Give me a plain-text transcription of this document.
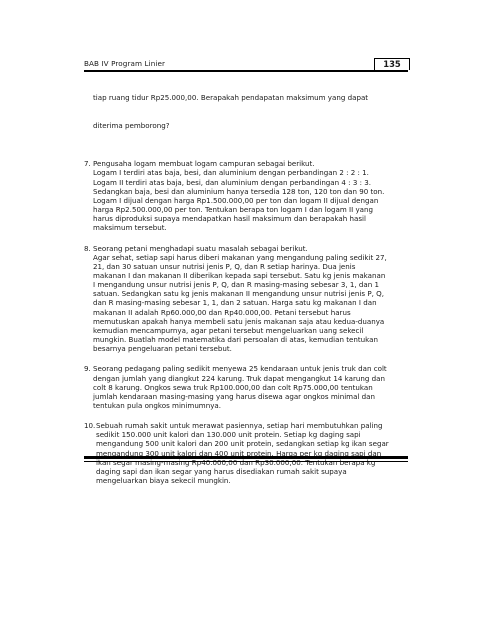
BAB IV Program Linier	135

tiap ruang tidur Rp25.000,00. Berapakah pendapatan maksimum yang dapat

diterima pemborong?

7. Pengusaha logam membuat logam campuran sebagai berikut.
Logam I terdiri atas baja, besi, dan aluminium dengan perbandingan 2 : 2 : 1.
Logam II terdiri atas baja, besi, dan aluminium dengan perbandingan 4 : 3 : 3.
Sedangkan baja, besi dan aluminium hanya tersedia 128 ton, 120 ton dan 90 ton.
Logam I dijual dengan harga Rp1.500.000,00 per ton dan logam II dijual dengan
harga Rp2.500.000,00 per ton. Tentukan berapa ton logam I dan logam II yang
harus diproduksi supaya mendapatkan hasil maksimum dan berapakah hasil
maksimum tersebut.
8. Seorang petani menghadapi suatu masalah sebagai berikut.
Agar sehat, setiap sapi harus diberi makanan yang mengandung paling sedikit 27,
21, dan 30 satuan unsur nutrisi jenis P, Q, dan R setiap harinya. Dua jenis
makanan I dan makanan II diberikan kepada sapi tersebut. Satu kg jenis makanan
I mengandung unsur nutrisi jenis P, Q, dan R masing-masing sebesar 3, 1, dan 1
satuan. Sedangkan satu kg jenis makanan II mengandung unsur nutrisi jenis P, Q,
dan R masing-masing sebesar 1, 1, dan 2 satuan. Harga satu kg makanan I dan
makanan II adalah Rp60.000,00 dan Rp40.000,00. Petani tersebut harus
memutuskan apakah hanya membeli satu jenis makanan saja atau kedua-duanya
kemudian mencampurnya, agar petani tersebut mengeluarkan uang sekecil
mungkin. Buatlah model matematika dari persoalan di atas, kemudian tentukan
besarnya pengeluaran petani tersebut.
9. Seorang pedagang paling sedikit menyewa 25 kendaraan untuk jenis truk dan colt
dengan jumlah yang diangkut 224 karung. Truk dapat mengangkut 14 karung dan
colt 8 karung. Ongkos sewa truk Rp100.000,00 dan colt Rp75.000,00 tentukan
jumlah kendaraan masing-masing yang harus disewa agar ongkos minimal dan
tentukan pula ongkos minimumnya.
10. Sebuah rumah sakit untuk merawat pasiennya, setiap hari membutuhkan paling
sedikit 150.000 unit kalori dan 130.000 unit protein. Setiap kg daging sapi
mengandung 500 unit kalori dan 200 unit protein, sedangkan setiap kg ikan segar
mengandung 300 unit kalori dan 400 unit protein. Harga per kg daging sapi dan
ikan segar masing-masing Rp40.000,00 dan Rp30.000,00. Tentukan berapa kg
daging sapi dan ikan segar yang harus disediakan rumah sakit supaya
mengeluarkan biaya sekecil mungkin.
